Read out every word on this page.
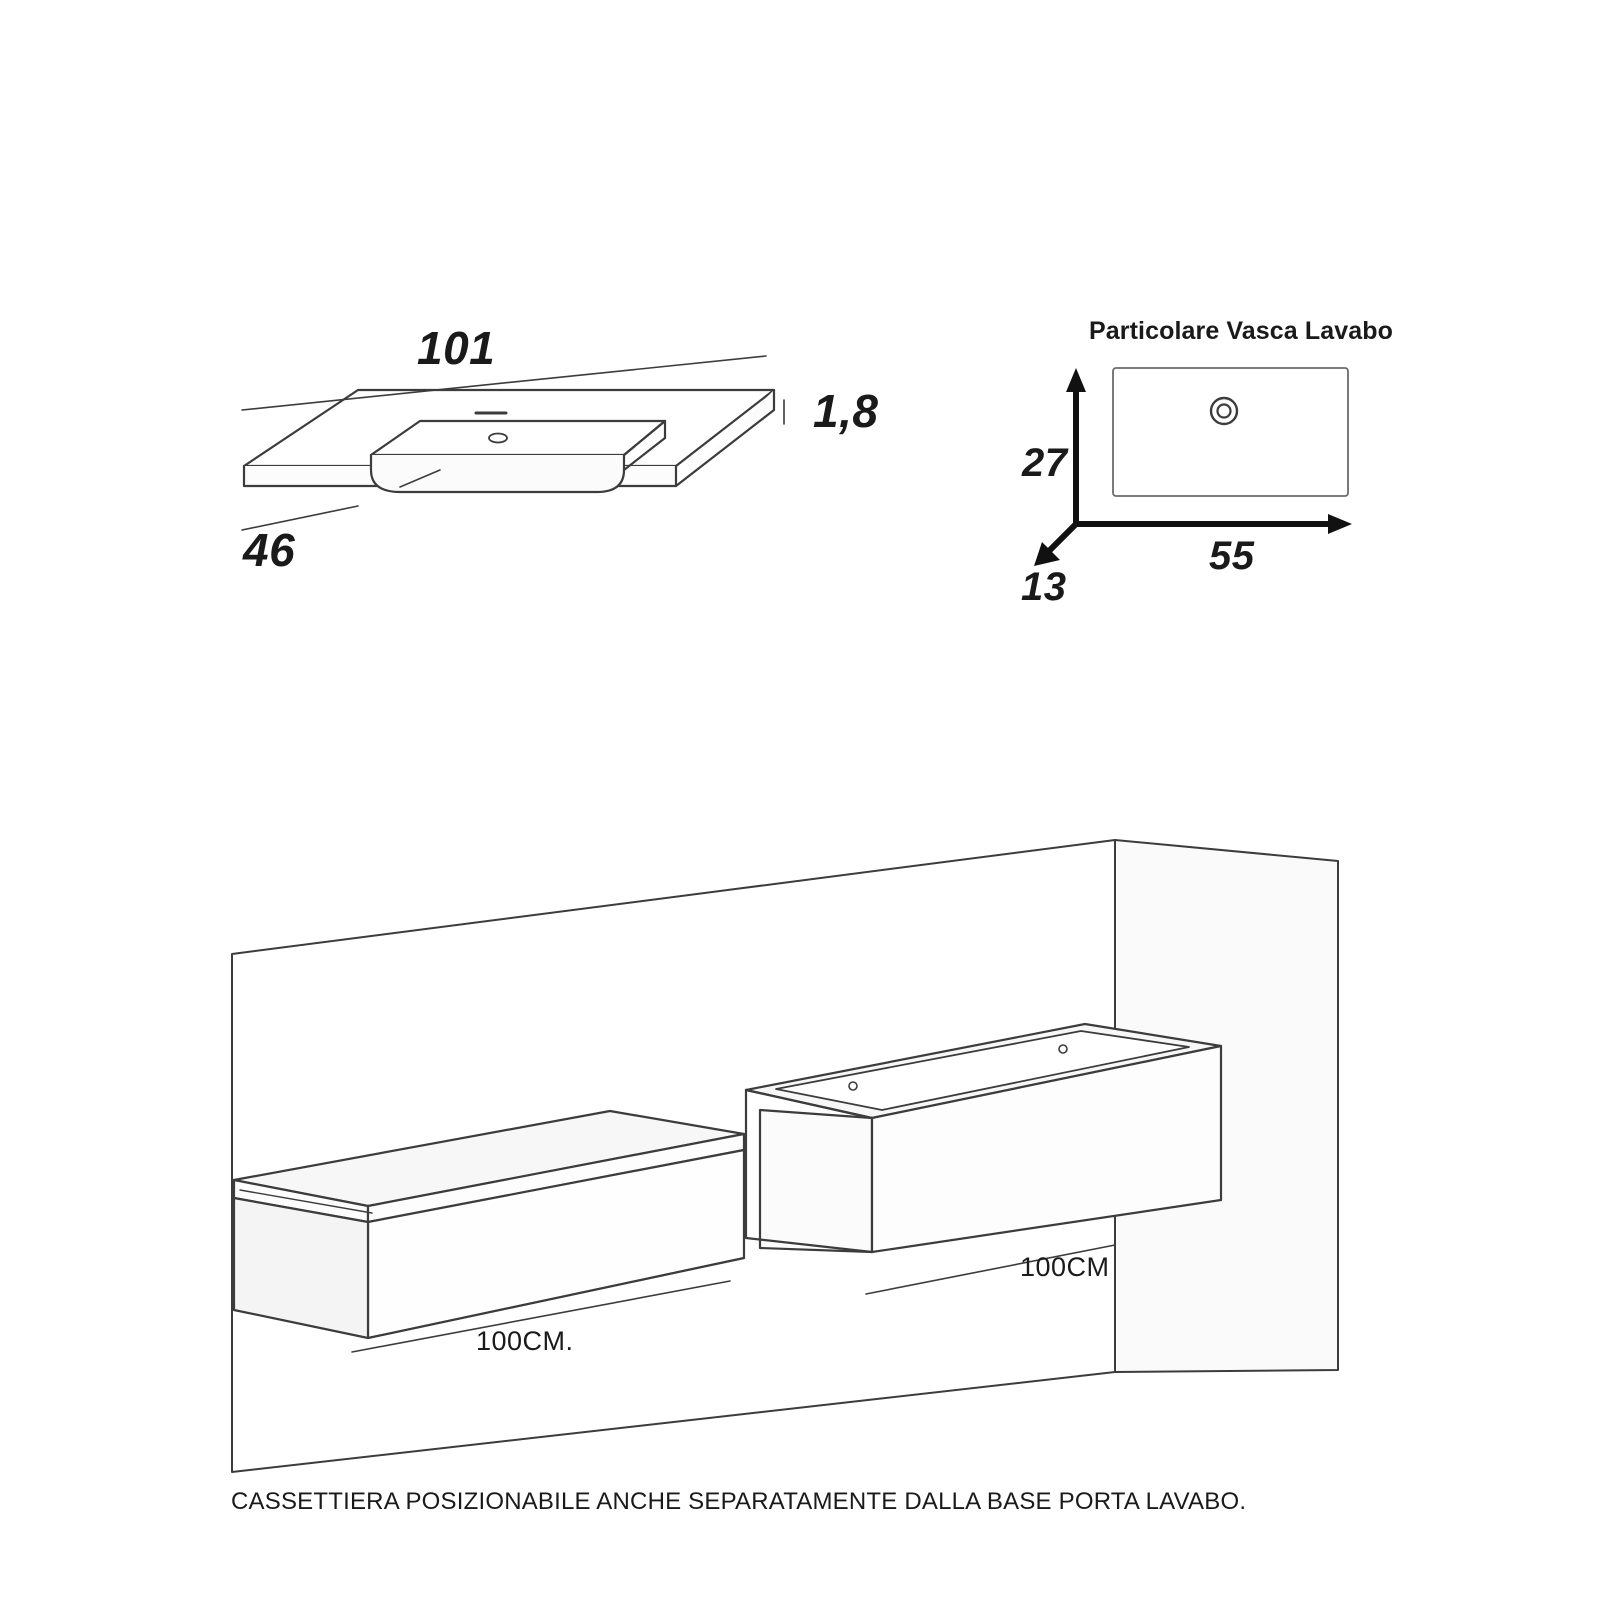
101
1,8
46
Particolare Vasca Lavabo
27
55
13
100CM.
100CM
CASSETTIERA POSIZIONABILE ANCHE SEPARATAMENTE DALLA BASE PORTA LAVABO.
